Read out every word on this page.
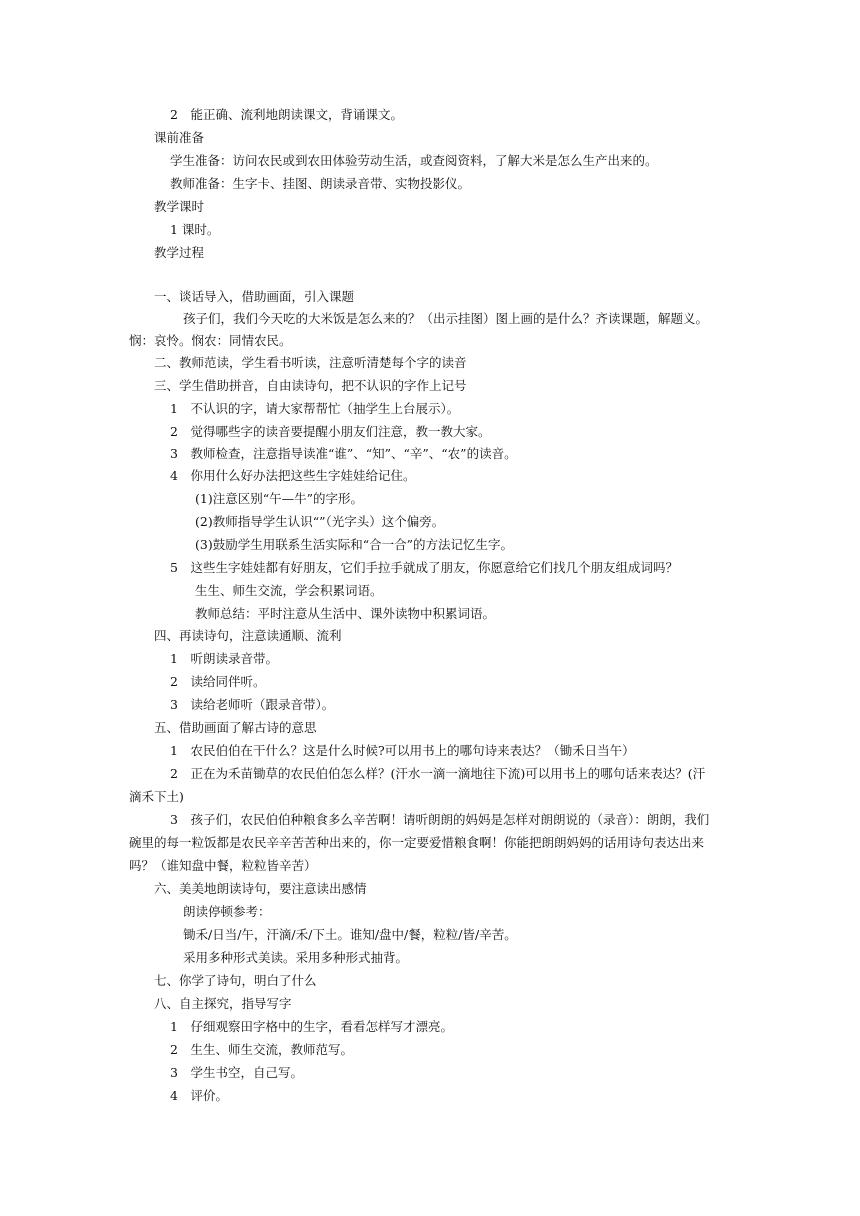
2　能正确、流利地朗读课文，背诵课文。
课前准备
学生准备：访问农民或到农田体验劳动生活，或查阅资料，了解大米是怎么生产出来的。
教师准备：生字卡、挂图、朗读录音带、实物投影仪。
教学课时
1 课时。
教学过程
一、谈话导入，借助画面，引入课题
孩子们，我们今天吃的大米饭是怎么来的？（出示挂图）图上画的是什么？齐读课题，解题义。
悯：哀怜。悯农：同情农民。
二、教师范读，学生看书听读，注意听清楚每个字的读音
三、学生借助拼音，自由读诗句，把不认识的字作上记号
1　不认识的字，请大家帮帮忙（抽学生上台展示）。
2　觉得哪些字的读音要提醒小朋友们注意，教一教大家。
3　教师检查，注意指导读准“谁”、“知”、“辛”、“农”的读音。
4　你用什么好办法把这些生字娃娃给记住。
(1)注意区别“午—牛”的字形。
(2)教师指导学生认识“”（光字头）这个偏旁。
(3)鼓励学生用联系生活实际和“合一合”的方法记忆生字。
5　这些生字娃娃都有好朋友，它们手拉手就成了朋友，你愿意给它们找几个朋友组成词吗？
生生、师生交流，学会积累词语。
教师总结：平时注意从生活中、课外读物中积累词语。
四、再读诗句，注意读通顺、流利
1　听朗读录音带。
2　读给同伴听。
3　读给老师听（跟录音带）。
五、借助画面了解古诗的意思
1　农民伯伯在干什么？这是什么时候?可以用书上的哪句诗来表达？（锄禾日当午）
2　正在为禾苗锄草的农民伯伯怎么样？(汗水一滴一滴地往下流)可以用书上的哪句话来表达？(汗
滴禾下土)
3　孩子们，农民伯伯种粮食多么辛苦啊！请听朗朗的妈妈是怎样对朗朗说的（录音）：朗朗，我们
碗里的每一粒饭都是农民辛辛苦苦种出来的，你一定要爱惜粮食啊！你能把朗朗妈妈的话用诗句表达出来
吗？（谁知盘中餐，粒粒皆辛苦）
六、美美地朗读诗句，要注意读出感情
朗读停顿参考：
锄禾/日当/午，汗滴/禾/下土。谁知/盘中/餐，粒粒/皆/辛苦。
采用多种形式美读。采用多种形式抽背。
七、你学了诗句，明白了什么
八、自主探究，指导写字
1　仔细观察田字格中的生字，看看怎样写才漂亮。
2　生生、师生交流，教师范写。
3　学生书空，自己写。
4　评价。
